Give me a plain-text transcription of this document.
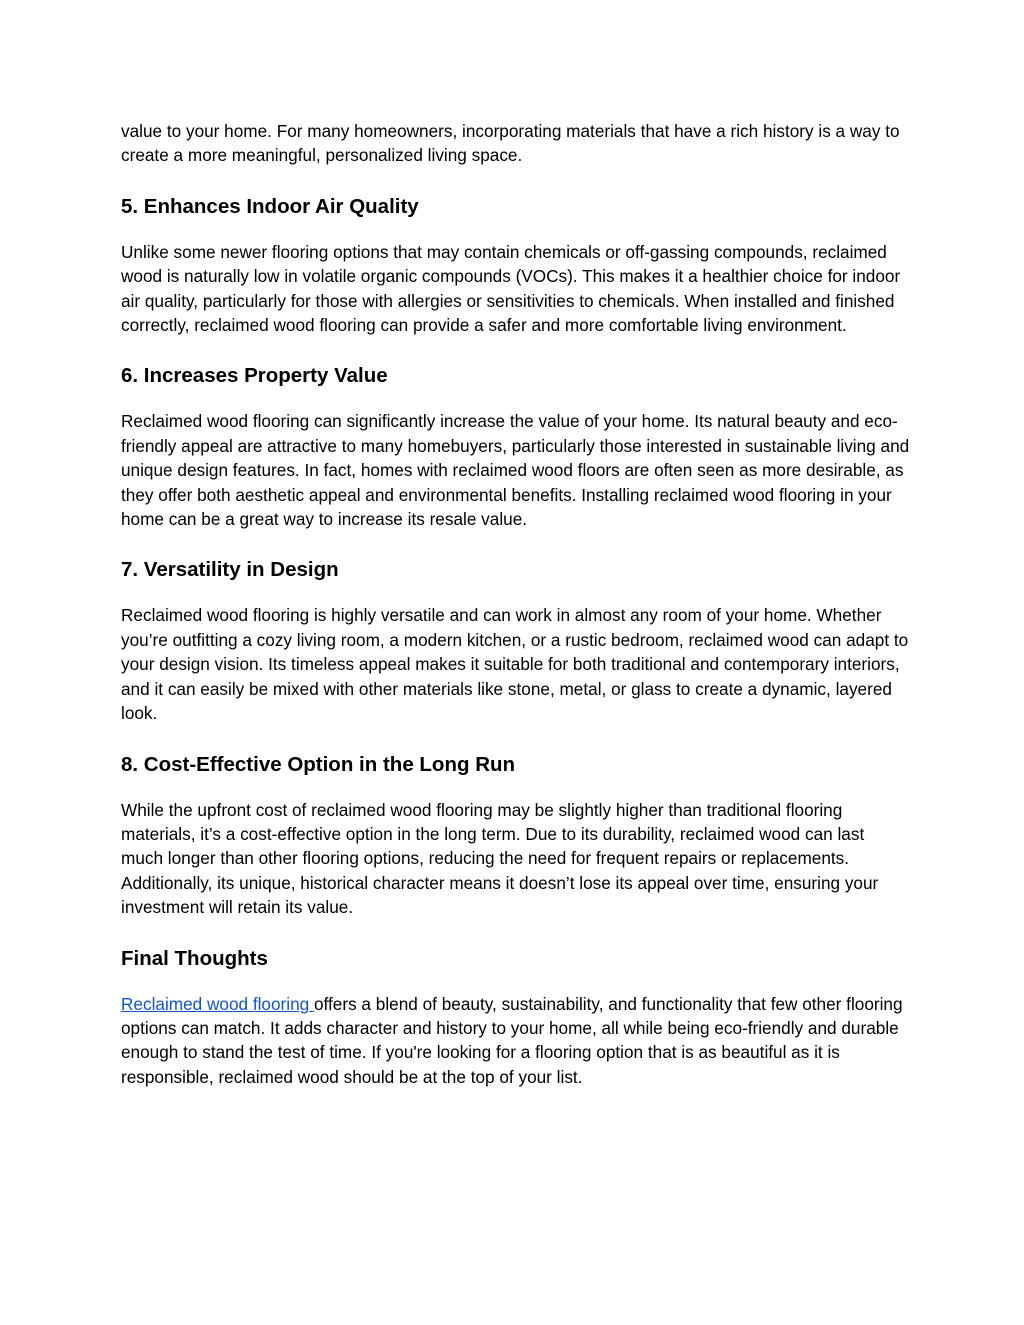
value to your home. For many homeowners, incorporating materials that have a rich history is a way to create a more meaningful, personalized living space.

5. Enhances Indoor Air Quality

Unlike some newer flooring options that may contain chemicals or off-gassing compounds, reclaimed wood is naturally low in volatile organic compounds (VOCs). This makes it a healthier choice for indoor air quality, particularly for those with allergies or sensitivities to chemicals. When installed and finished correctly, reclaimed wood flooring can provide a safer and more comfortable living environment.

6. Increases Property Value

Reclaimed wood flooring can significantly increase the value of your home. Its natural beauty and eco-friendly appeal are attractive to many homebuyers, particularly those interested in sustainable living and unique design features. In fact, homes with reclaimed wood floors are often seen as more desirable, as they offer both aesthetic appeal and environmental benefits. Installing reclaimed wood flooring in your home can be a great way to increase its resale value.

7. Versatility in Design

Reclaimed wood flooring is highly versatile and can work in almost any room of your home. Whether you’re outfitting a cozy living room, a modern kitchen, or a rustic bedroom, reclaimed wood can adapt to your design vision. Its timeless appeal makes it suitable for both traditional and contemporary interiors, and it can easily be mixed with other materials like stone, metal, or glass to create a dynamic, layered look.

8. Cost-Effective Option in the Long Run

While the upfront cost of reclaimed wood flooring may be slightly higher than traditional flooring materials, it’s a cost-effective option in the long term. Due to its durability, reclaimed wood can last much longer than other flooring options, reducing the need for frequent repairs or replacements. Additionally, its unique, historical character means it doesn’t lose its appeal over time, ensuring your investment will retain its value.

Final Thoughts

Reclaimed wood flooring offers a blend of beauty, sustainability, and functionality that few other flooring options can match. It adds character and history to your home, all while being eco-friendly and durable enough to stand the test of time. If you're looking for a flooring option that is as beautiful as it is responsible, reclaimed wood should be at the top of your list.
